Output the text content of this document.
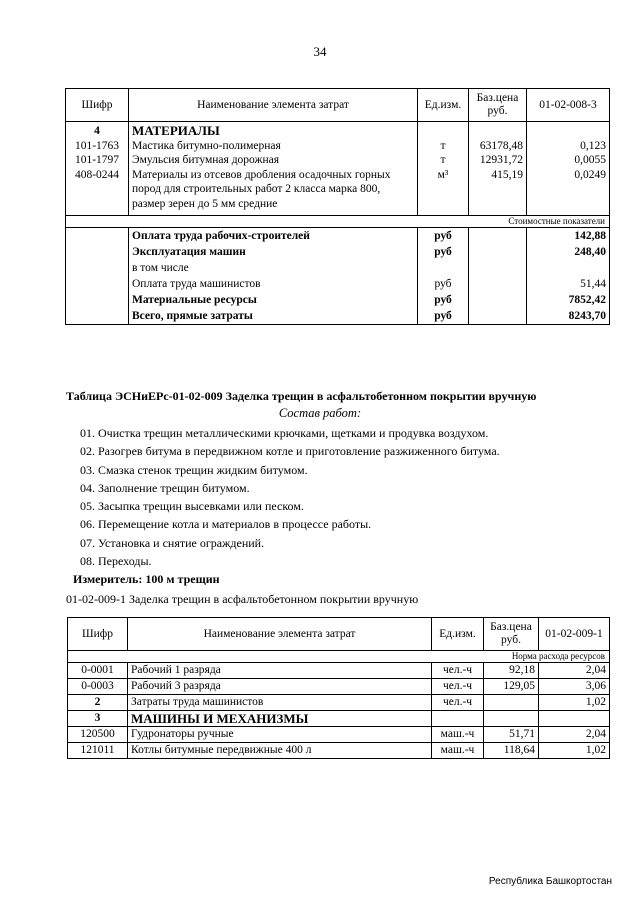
34
Шифр	Наименование элемента затрат	Ед.изм.	Баз.цена руб.	01-02-008-3
4	МАТЕРИАЛЫ			
101-1763	Мастика битумно-полимерная	т	63178,48	0,123
101-1797	Эмульсия битумная дорожная	т	12931,72	0,0055
408-0244	Материалы из отсевов дробления осадочных горных пород для строительных работ 2 класса марка 800, размер зерен до 5 мм средние	м³	415,19	0,0249
Стоимостные показатели				
	Оплата труда рабочих-строителей	руб		142,88
	Эксплуатация машин	руб		248,40
	в том числе			
	Оплата труда машинистов	руб		51,44
	Материальные ресурсы	руб		7852,42
	Всего, прямые затраты	руб		8243,70
Таблица ЭСНиЕРс-01-02-009 Заделка трещин в асфальтобетонном покрытии вручную
Состав работ:
01. Очистка трещин металлическими крючками, щетками и продувка воздухом.
02. Разогрев битума в передвижном котле и приготовление разжиженного битума.
03. Смазка стенок трещин жидким битумом.
04. Заполнение трещин битумом.
05. Засыпка трещин высевками или песком.
06. Перемещение котла и материалов в процессе работы.
07. Установка и снятие ограждений.
08. Переходы.
Измеритель: 100 м трещин
01-02-009-1 Заделка трещин в асфальтобетонном покрытии вручную
Шифр	Наименование элемента затрат	Ед.изм.	Баз.цена руб.	01-02-009-1
Норма расхода ресурсов				
0-0001	Рабочий 1 разряда	чел.-ч	92,18	2,04
0-0003	Рабочий 3 разряда	чел.-ч	129,05	3,06
2	Затраты труда машинистов	чел.-ч		1,02
3	МАШИНЫ И МЕХАНИЗМЫ			
120500	Гудронаторы ручные	маш.-ч	51,71	2,04
121011	Котлы битумные передвижные 400 л	маш.-ч	118,64	1,02
Республика Башкортостан
